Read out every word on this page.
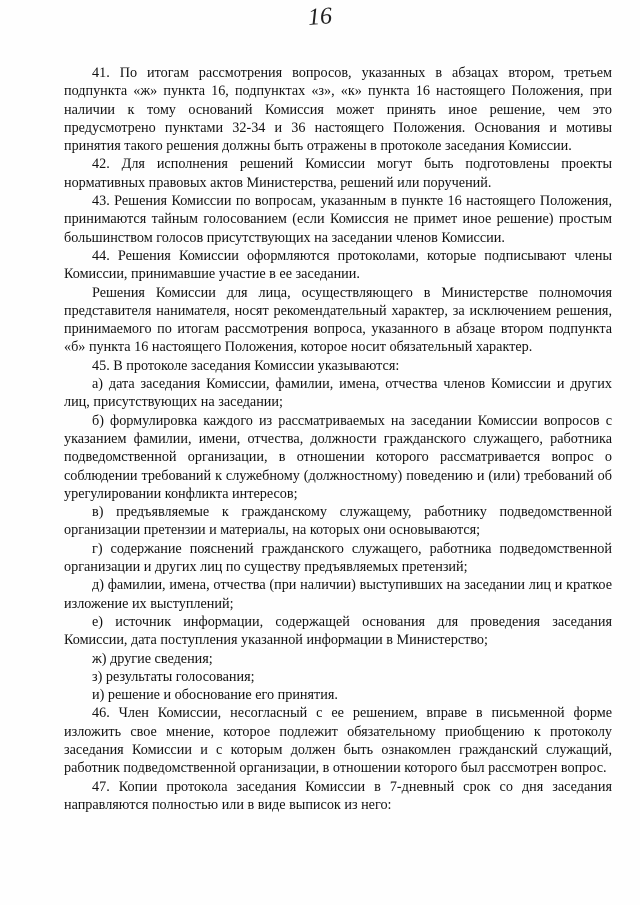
16

41. По итогам рассмотрения вопросов, указанных в абзацах втором, третьем подпункта «ж» пункта 16, подпунктах «з», «к» пункта 16 настоящего Положения, при наличии к тому оснований Комиссия может принять иное решение, чем это предусмотрено пунктами 32-34 и 36 настоящего Положения. Основания и мотивы принятия такого решения должны быть отражены в протоколе заседания Комиссии.

42. Для исполнения решений Комиссии могут быть подготовлены проекты нормативных правовых актов Министерства, решений или поручений.

43. Решения Комиссии по вопросам, указанным в пункте 16 настоящего Положения, принимаются тайным голосованием (если Комиссия не примет иное решение) простым большинством голосов присутствующих на заседании членов Комиссии.

44. Решения Комиссии оформляются протоколами, которые подписывают члены Комиссии, принимавшие участие в ее заседании.

Решения Комиссии для лица, осуществляющего в Министерстве полномочия представителя нанимателя, носят рекомендательный характер, за исключением решения, принимаемого по итогам рассмотрения вопроса, указанного в абзаце втором подпункта «б» пункта 16 настоящего Положения, которое носит обязательный характер.

45. В протоколе заседания Комиссии указываются:

а) дата заседания Комиссии, фамилии, имена, отчества членов Комиссии и других лиц, присутствующих на заседании;

б) формулировка каждого из рассматриваемых на заседании Комиссии вопросов с указанием фамилии, имени, отчества, должности гражданского служащего, работника подведомственной организации, в отношении которого рассматривается вопрос о соблюдении требований к служебному (должностному) поведению и (или) требований об урегулировании конфликта интересов;

в) предъявляемые к гражданскому служащему, работнику подведомственной организации претензии и материалы, на которых они основываются;

г) содержание пояснений гражданского служащего, работника подведомственной организации и других лиц по существу предъявляемых претензий;

д) фамилии, имена, отчества (при наличии) выступивших на заседании лиц и краткое изложение их выступлений;

е) источник информации, содержащей основания для проведения заседания Комиссии, дата поступления указанной информации в Министерство;

ж) другие сведения;

з) результаты голосования;

и) решение и обоснование его принятия.

46. Член Комиссии, несогласный с ее решением, вправе в письменной форме изложить свое мнение, которое подлежит обязательному приобщению к протоколу заседания Комиссии и с которым должен быть ознакомлен гражданский служащий, работник подведомственной организации, в отношении которого был рассмотрен вопрос.

47. Копии протокола заседания Комиссии в 7-дневный срок со дня заседания направляются полностью или в виде выписок из него:
